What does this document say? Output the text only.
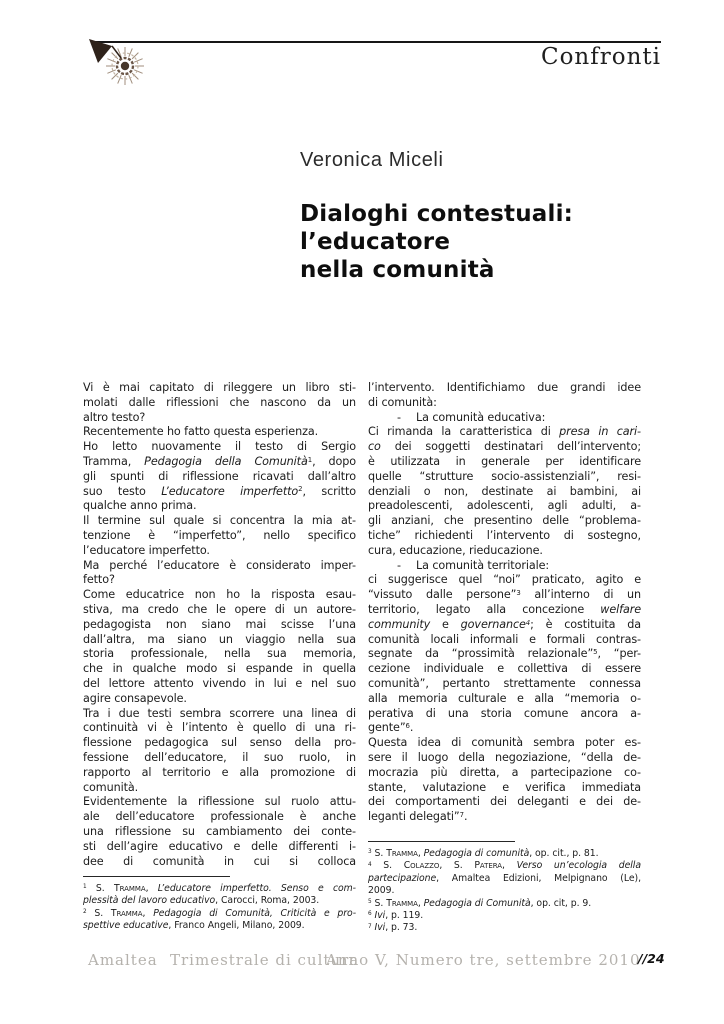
Confronti
Veronica Miceli
Dialoghi contestuali:
l’educatore
nella comunità
Vi è mai capitato di rileggere un libro sti-
molati dalle riflessioni che nascono da un
altro testo?
Recentemente ho fatto questa esperienza.
Ho letto nuovamente il testo di Sergio
Tramma, Pedagogia della Comunità$^1$, dopo
gli spunti di riflessione ricavati dall’altro
suo testo L’educatore imperfetto$^2$, scritto
qualche anno prima.
Il termine sul quale si concentra la mia at-
tenzione è “imperfetto”, nello specifico
l’educatore imperfetto.
Ma perché l’educatore è considerato imper-
fetto?
Come educatrice non ho la risposta esau-
stiva, ma credo che le opere di un autore-
pedagogista non siano mai scisse l’una
dall’altra, ma siano un viaggio nella sua
storia professionale, nella sua memoria,
che in qualche modo si espande in quella
del lettore attento vivendo in lui e nel suo
agire consapevole.
Tra i due testi sembra scorrere una linea di
continuità vi è l’intento è quello di una ri-
flessione pedagogica sul senso della pro-
fessione dell’educatore, il suo ruolo, in
rapporto al territorio e alla promozione di
comunità.
Evidentemente la riflessione sul ruolo attu-
ale dell’educatore professionale è anche
una riflessione su cambiamento dei conte-
sti dell’agire educativo e delle differenti i-
dee di comunità in cui si colloca
l’intervento. Identifichiamo due grandi idee
di comunità:
- La comunità educativa:
Ci rimanda la caratteristica di presa in cari-
co dei soggetti destinatari dell’intervento;
è utilizzata in generale per identificare
quelle “strutture socio-assistenziali”, resi-
denziali o non, destinate ai bambini, ai
preadolescenti, adolescenti, agli adulti, a-
gli anziani, che presentino delle “problema-
tiche” richiedenti l’intervento di sostegno,
cura, educazione, rieducazione.
- La comunità territoriale:
ci suggerisce quel “noi” praticato, agito e
“vissuto dalle persone”$^3$ all’interno di un
territorio, legato alla concezione welfare
community e governance$^4$; è costituita da
comunità locali informali e formali contras-
segnate da “prossimità relazionale”$^5$, “per-
cezione individuale e collettiva di essere
comunità”, pertanto strettamente connessa
alla memoria culturale e alla “memoria o-
perativa di una storia comune ancora a-
gente”$^6$.
Questa idea di comunità sembra poter es-
sere il luogo della negoziazione, “della de-
mocrazia più diretta, a partecipazione co-
stante, valutazione e verifica immediata
dei comportamenti dei deleganti e dei de-
leganti delegati”$^7$.
$^1$ S. Tramma, L’educatore imperfetto. Senso e com-
plessità del lavoro educativo, Carocci, Roma, 2003.
$^2$ S. Tramma, Pedagogia di Comunità, Criticità e pro-
spettive educative, Franco Angeli, Milano, 2009.
$^3$ S. Tramma, Pedagogia di comunità, op. cit., p. 81.
$^4$ S. Colazzo, S. Patera, Verso un’ecologia della
partecipazione, Amaltea Edizioni, Melpignano (Le),
2009.
$^5$ S. Tramma, Pedagogia di Comunità, op. cit, p. 9.
$^6$ Ivi, p. 119.
$^7$ Ivi, p. 73.
Amaltea Trimestrale di cultura
Anno V, Numero tre, settembre 2010
//24
